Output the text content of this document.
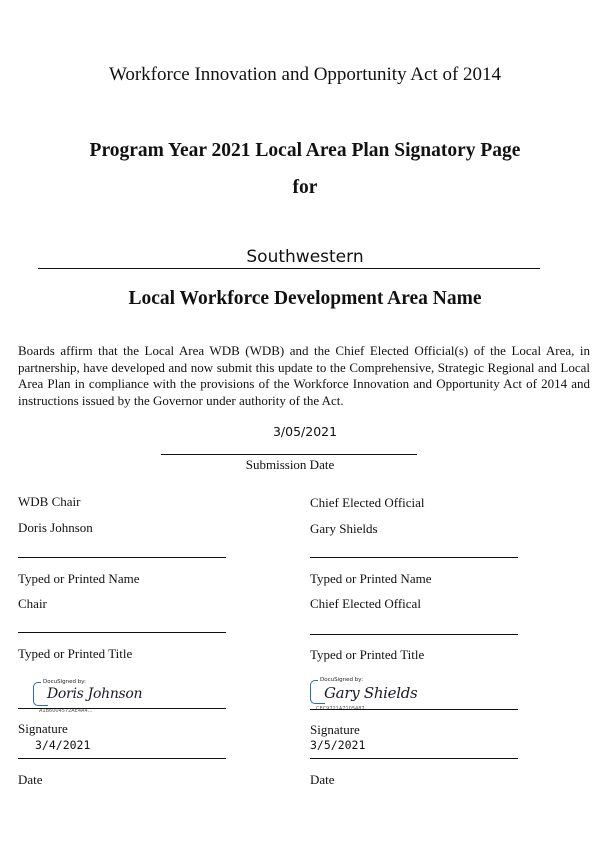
Workforce Innovation and Opportunity Act of 2014
Program Year 2021 Local Area Plan Signatory Page
for
Southwestern
Local Workforce Development Area Name
Boards affirm that the Local Area WDB (WDB) and the Chief Elected Official(s) of the Local Area, in partnership, have developed and now submit this update to the Comprehensive, Strategic Regional and Local Area Plan in compliance with the provisions of the Workforce Innovation and Opportunity Act of 2014 and instructions issued by the Governor under authority of the Act.
3/05/2021
Submission Date
WDB Chair
Doris Johnson
Typed or Printed Name
Chair
Typed or Printed Title
DocuSigned by:
Doris Johnson
A1B6004572AE4A4...
Signature
3/4/2021
Date
Chief Elected Official
Gary Shields
Typed or Printed Name
Chief Elected Offical
Typed or Printed Title
DocuSigned by:
Gary Shields
CEC9721A7105487...
Signature
3/5/2021
Date
